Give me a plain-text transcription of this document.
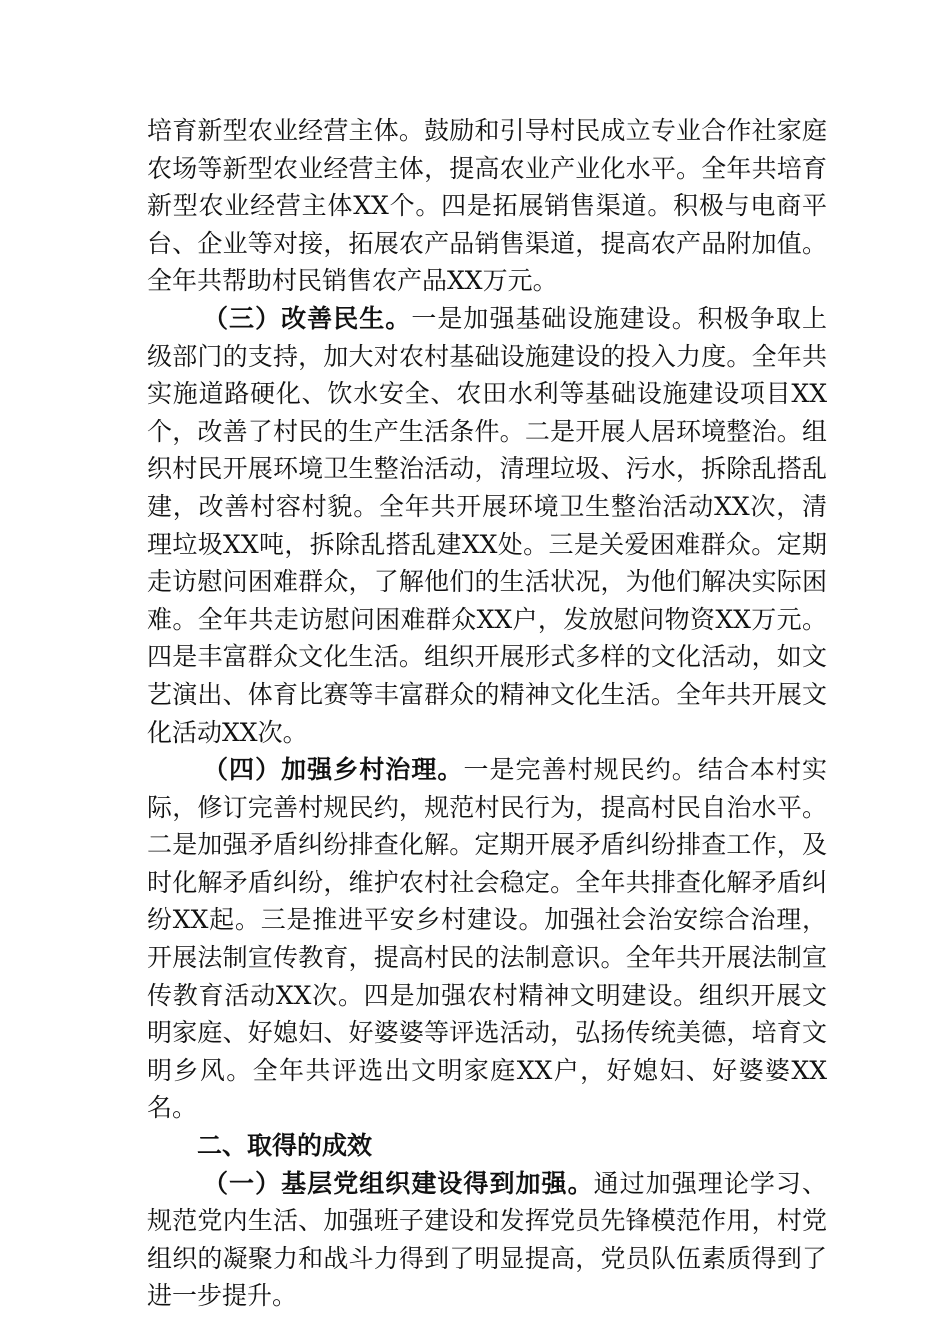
培育新型农业经营主体。鼓励和引导村民成立专业合作社家庭农场等新型农业经营主体，提高农业产业化水平。全年共培育新型农业经营主体XX个。四是拓展销售渠道。积极与电商平台、企业等对接，拓展农产品销售渠道，提高农产品附加值。全年共帮助村民销售农产品XX万元。

（三）改善民生。一是加强基础设施建设。积极争取上级部门的支持，加大对农村基础设施建设的投入力度。全年共实施道路硬化、饮水安全、农田水利等基础设施建设项目XX个，改善了村民的生产生活条件。二是开展人居环境整治。组织村民开展环境卫生整治活动，清理垃圾、污水，拆除乱搭乱建，改善村容村貌。全年共开展环境卫生整治活动XX次，清理垃圾XX吨，拆除乱搭乱建XX处。三是关爱困难群众。定期走访慰问困难群众，了解他们的生活状况，为他们解决实际困难。全年共走访慰问困难群众XX户，发放慰问物资XX万元。四是丰富群众文化生活。组织开展形式多样的文化活动，如文艺演出、体育比赛等丰富群众的精神文化生活。全年共开展文化活动XX次。

（四）加强乡村治理。一是完善村规民约。结合本村实际，修订完善村规民约，规范村民行为，提高村民自治水平。二是加强矛盾纠纷排查化解。定期开展矛盾纠纷排查工作，及时化解矛盾纠纷，维护农村社会稳定。全年共排查化解矛盾纠纷XX起。三是推进平安乡村建设。加强社会治安综合治理，开展法制宣传教育，提高村民的法制意识。全年共开展法制宣传教育活动XX次。四是加强农村精神文明建设。组织开展文明家庭、好媳妇、好婆婆等评选活动，弘扬传统美德，培育文明乡风。全年共评选出文明家庭XX户，好媳妇、好婆婆XX名。

二、取得的成效

（一）基层党组织建设得到加强。通过加强理论学习、规范党内生活、加强班子建设和发挥党员先锋模范作用，村党组织的凝聚力和战斗力得到了明显提高，党员队伍素质得到了进一步提升。
